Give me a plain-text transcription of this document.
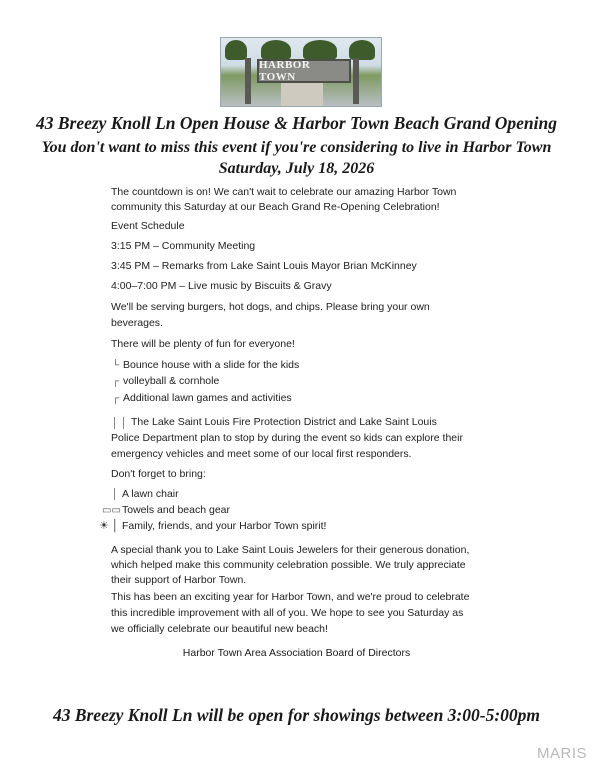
HARBOR TOWN
43 Breezy Knoll Ln Open House & Harbor Town Beach Grand Opening
You don't want to miss this event if you're considering to live in Harbor Town
Saturday, July 18, 2026
The countdown is on! We can't wait to celebrate our amazing Harbor Town
community this Saturday at our Beach Grand Re-Opening Celebration!
Event Schedule
3:15 PM – Community Meeting
3:45 PM – Remarks from Lake Saint Louis Mayor Brian McKinney
4:00–7:00 PM – Live music by Biscuits & Gravy
We'll be serving burgers, hot dogs, and chips. Please bring your own
beverages.
There will be plenty of fun for everyone!
└ Bounce house with a slide for the kids
┌ volleyball & cornhole
┌ Additional lawn games and activities
│ │ The Lake Saint Louis Fire Protection District and Lake Saint Louis
Police Department plan to stop by during the event so kids can explore their
emergency vehicles and meet some of our local first responders.
Don't forget to bring:
│ A lawn chair
▭▭ Towels and beach gear
☀ │ Family, friends, and your Harbor Town spirit!
A special thank you to Lake Saint Louis Jewelers for their generous donation,
which helped make this community celebration possible. We truly appreciate
their support of Harbor Town.
This has been an exciting year for Harbor Town, and we're proud to celebrate
this incredible improvement with all of you. We hope to see you Saturday as
we officially celebrate our beautiful new beach!
Harbor Town Area Association Board of Directors
43 Breezy Knoll Ln will be open for showings between 3:00-5:00pm
MARIS
